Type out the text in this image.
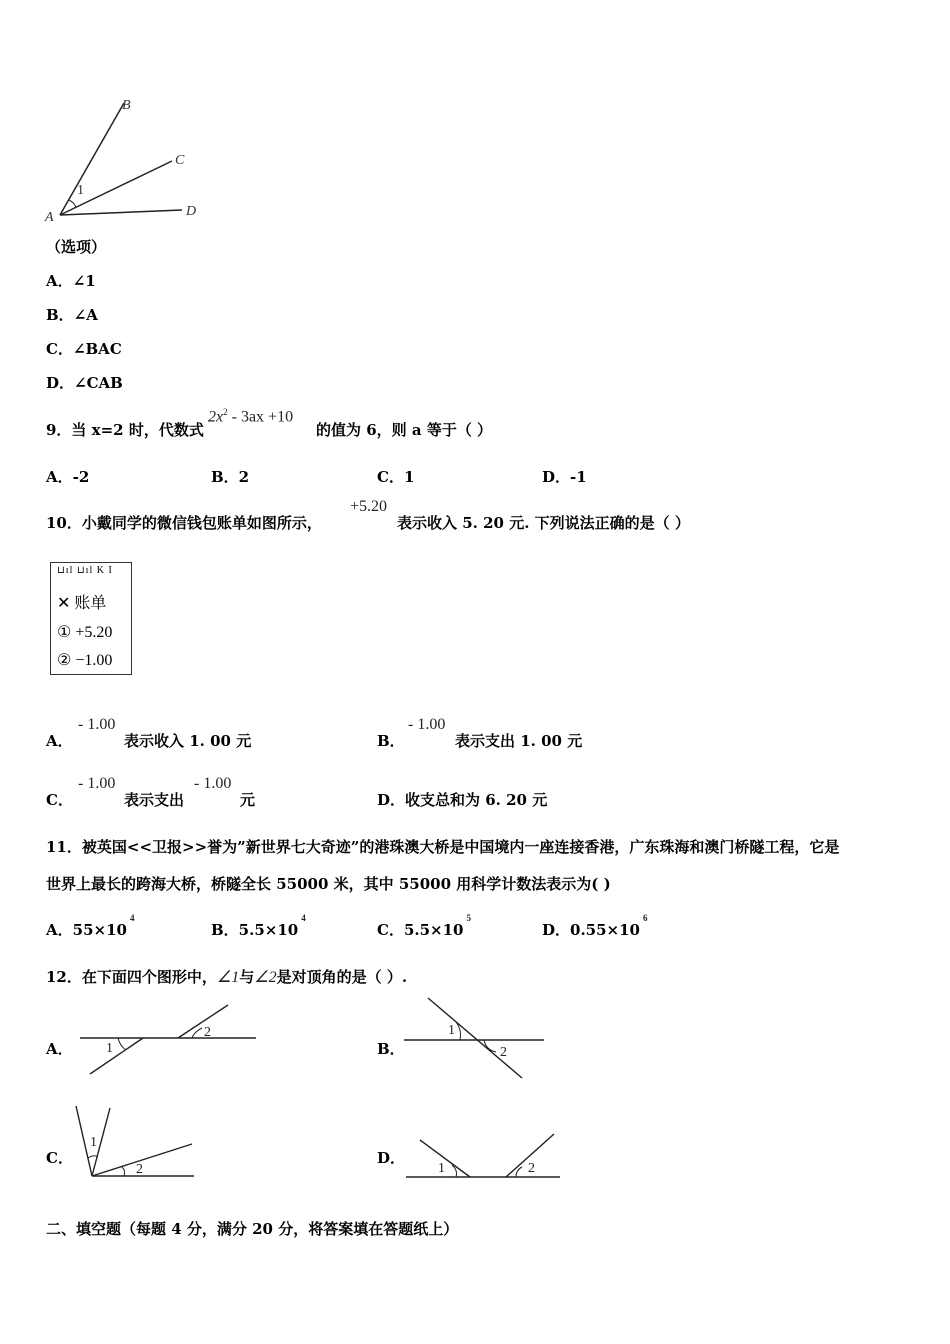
B
C
D
A
1
（选项）
A．∠1
B．∠A
C．∠BAC
D．∠CAB
9．当 x=2 时，代数式
$2x^2 - 3ax +10$
的值为 6，则 a 等于（ ）
A．-2	B．2	C．1	D．-1
10．小戴同学的微信钱包账单如图所示，
+5.20
表示收入 5. 20 元. 下列说法正确的是（ ）
⊔ıl ⊔ıl K I
✕ 账单
① +5.20
② −1.00
A．
- 1.00
表示收入 1. 00 元	B．
- 1.00
表示支出 1. 00 元
C．
- 1.00
表示支出
- 1.00
元	D．收支总和为 6. 20 元
11．被英国<<卫报>>誉为”新世界七大奇迹”的港珠澳大桥是中国境内一座连接香港，广东珠海和澳门桥隧工程，它是
世界上最长的跨海大桥，桥隧全长 55000 米，其中 55000 用科学计数法表示为( )
A．$55\times 10^4$
B．$5.5\times 10^4$
C．$5.5\times 10^5$
D．$0.55\times 10^6$
12．在下面四个图形中，∠1与∠2是对顶角的是（ ）.
A． 1
2
B．
1
2
C．
1
2
D．
1	2
二、填空题（每题 4 分，满分 20 分，将答案填在答题纸上）
